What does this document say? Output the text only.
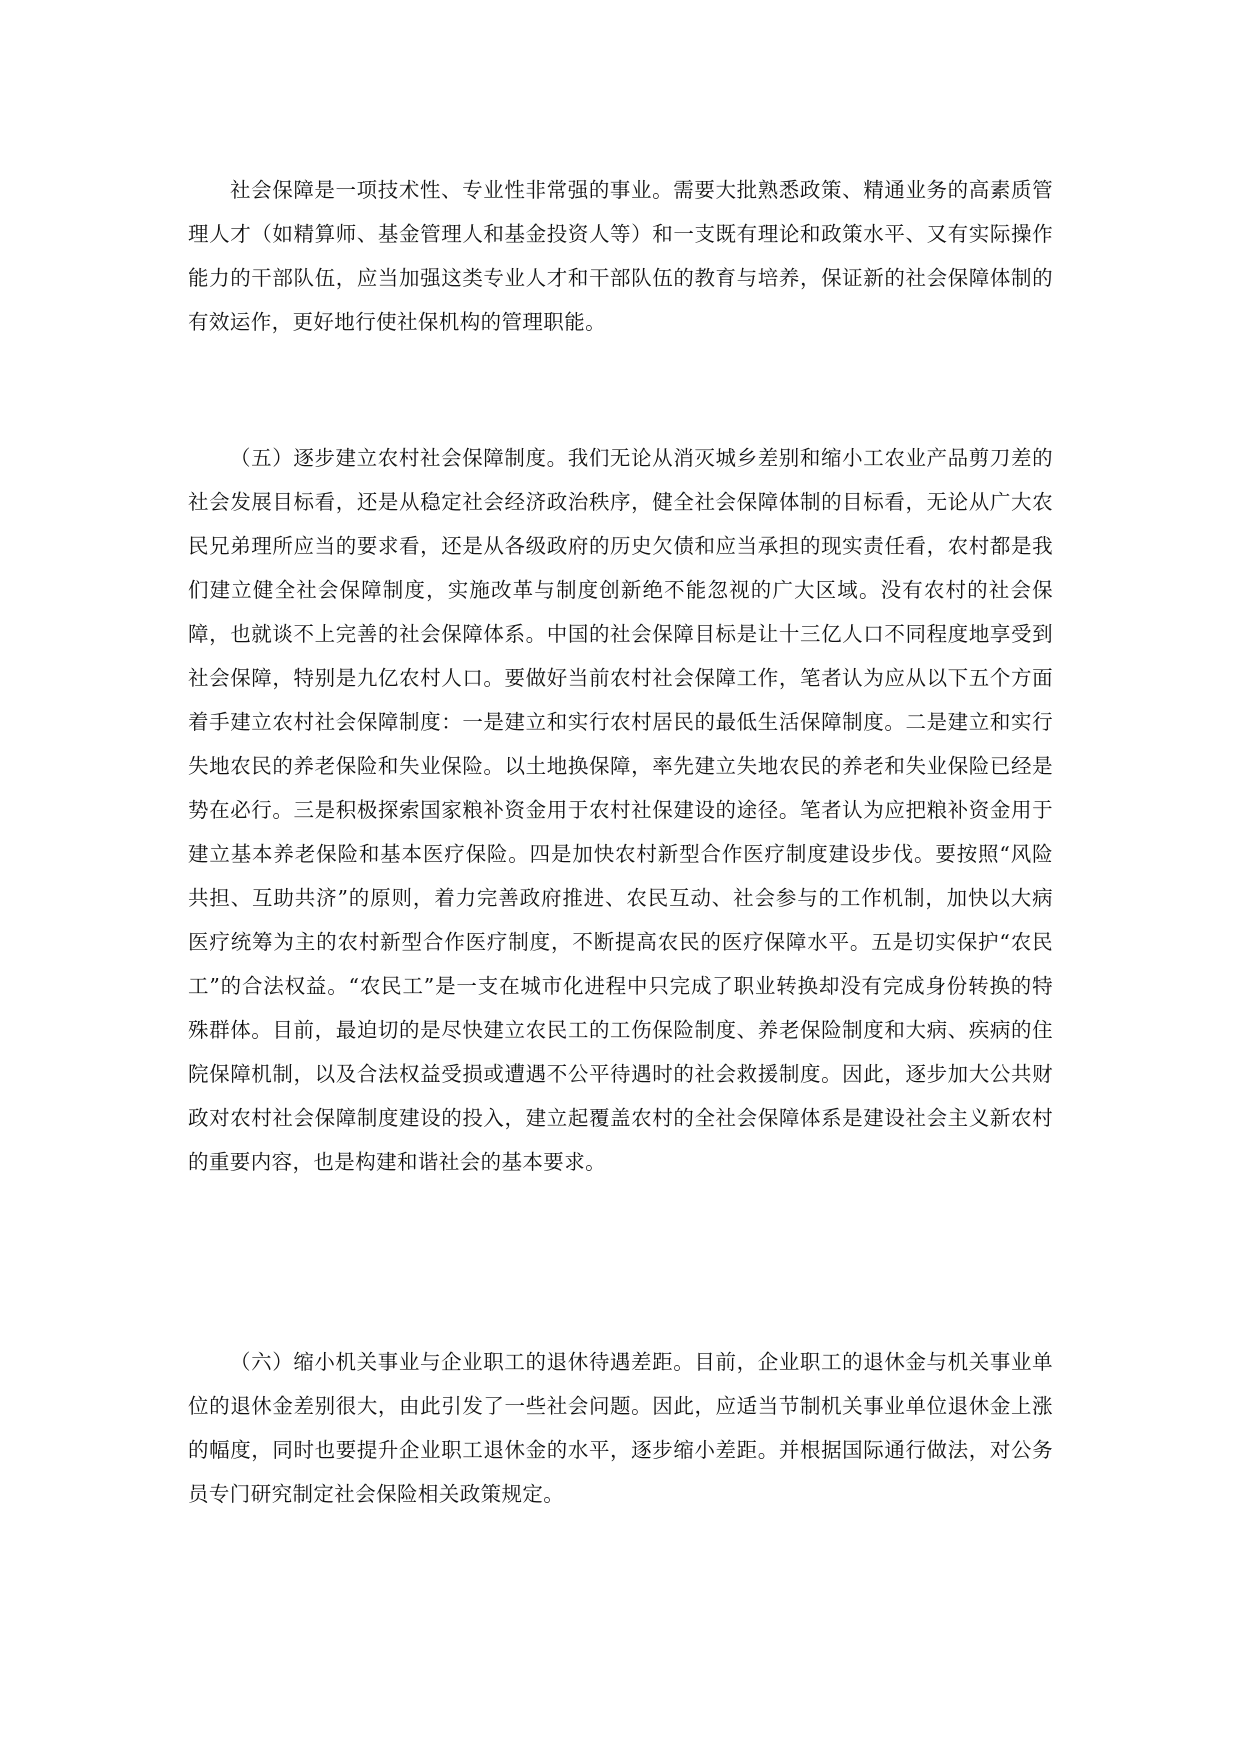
社会保障是一项技术性、专业性非常强的事业。需要大批熟悉政策、精通业务的高素质管理人才（如精算师、基金管理人和基金投资人等）和一支既有理论和政策水平、又有实际操作能力的干部队伍，应当加强这类专业人才和干部队伍的教育与培养，保证新的社会保障体制的有效运作，更好地行使社保机构的管理职能。

（五）逐步建立农村社会保障制度。我们无论从消灭城乡差别和缩小工农业产品剪刀差的社会发展目标看，还是从稳定社会经济政治秩序，健全社会保障体制的目标看，无论从广大农民兄弟理所应当的要求看，还是从各级政府的历史欠债和应当承担的现实责任看，农村都是我们建立健全社会保障制度，实施改革与制度创新绝不能忽视的广大区域。没有农村的社会保障，也就谈不上完善的社会保障体系。中国的社会保障目标是让十三亿人口不同程度地享受到社会保障，特别是九亿农村人口。要做好当前农村社会保障工作，笔者认为应从以下五个方面着手建立农村社会保障制度：一是建立和实行农村居民的最低生活保障制度。二是建立和实行失地农民的养老保险和失业保险。以土地换保障，率先建立失地农民的养老和失业保险已经是势在必行。三是积极探索国家粮补资金用于农村社保建设的途径。笔者认为应把粮补资金用于建立基本养老保险和基本医疗保险。四是加快农村新型合作医疗制度建设步伐。要按照“风险共担、互助共济”的原则，着力完善政府推进、农民互动、社会参与的工作机制，加快以大病医疗统筹为主的农村新型合作医疗制度，不断提高农民的医疗保障水平。五是切实保护“农民工”的合法权益。“农民工”是一支在城市化进程中只完成了职业转换却没有完成身份转换的特殊群体。目前，最迫切的是尽快建立农民工的工伤保险制度、养老保险制度和大病、疾病的住院保障机制，以及合法权益受损或遭遇不公平待遇时的社会救援制度。因此，逐步加大公共财政对农村社会保障制度建设的投入，建立起覆盖农村的全社会保障体系是建设社会主义新农村的重要内容，也是构建和谐社会的基本要求。

（六）缩小机关事业与企业职工的退休待遇差距。目前，企业职工的退休金与机关事业单位的退休金差别很大，由此引发了一些社会问题。因此，应适当节制机关事业单位退休金上涨的幅度，同时也要提升企业职工退休金的水平，逐步缩小差距。并根据国际通行做法，对公务员专门研究制定社会保险相关政策规定。
